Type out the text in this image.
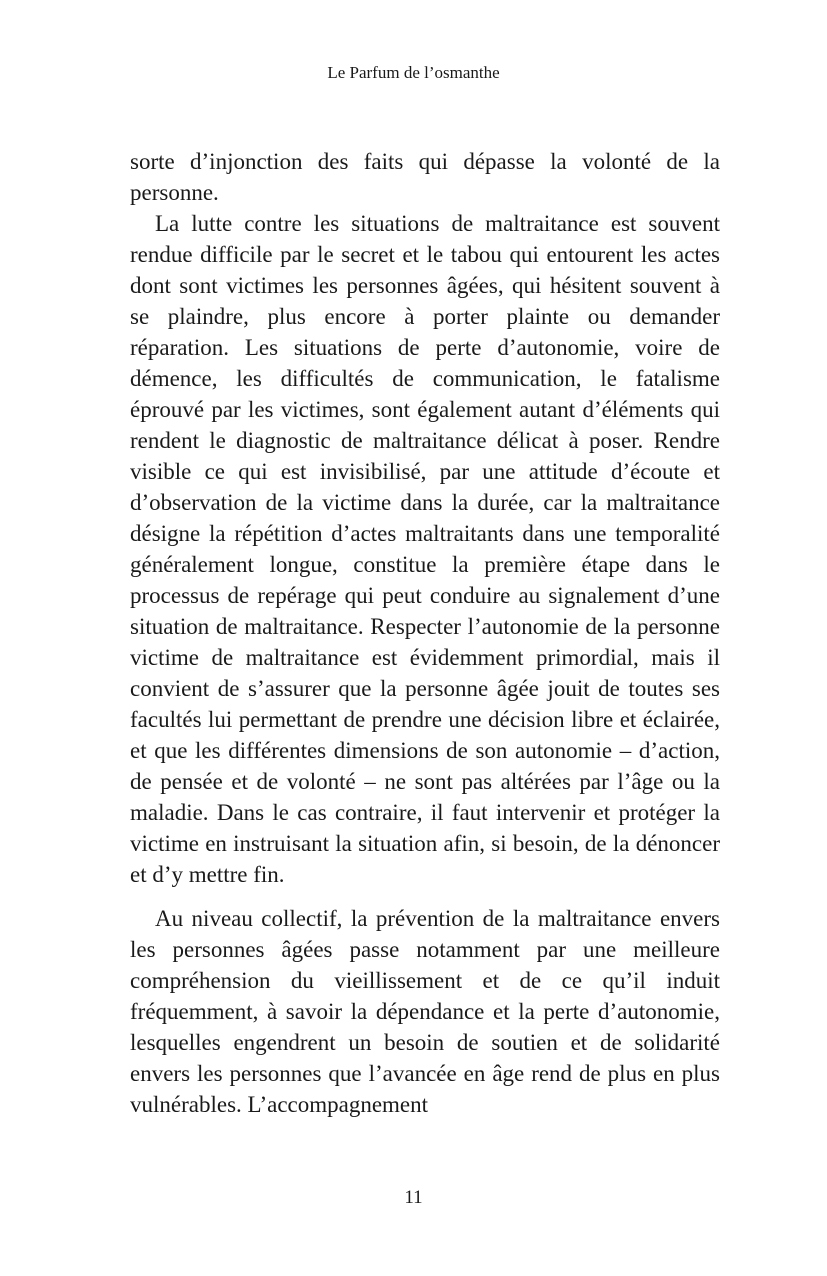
Le Parfum de l’osmanthe

sorte d’injonction des faits qui dépasse la volonté de la personne.

La lutte contre les situations de maltraitance est souvent rendue difficile par le secret et le tabou qui entourent les actes dont sont victimes les personnes âgées, qui hésitent souvent à se plaindre, plus encore à porter plainte ou demander réparation. Les situations de perte d’autonomie, voire de démence, les difficultés de communication, le fatalisme éprouvé par les victimes, sont également autant d’éléments qui rendent le diagnostic de maltraitance délicat à poser. Rendre visible ce qui est invisibilisé, par une attitude d’écoute et d’observation de la victime dans la durée, car la maltraitance désigne la répétition d’actes maltraitants dans une temporalité généralement longue, constitue la première étape dans le processus de repérage qui peut conduire au signalement d’une situation de maltraitance. Respecter l’autonomie de la personne victime de maltraitance est évidemment primordial, mais il convient de s’assurer que la personne âgée jouit de toutes ses facultés lui permettant de prendre une décision libre et éclairée, et que les différentes dimensions de son autonomie – d’action, de pensée et de volonté – ne sont pas altérées par l’âge ou la maladie. Dans le cas contraire, il faut intervenir et protéger la victime en instruisant la situation afin, si besoin, de la dénoncer et d’y mettre fin.

Au niveau collectif, la prévention de la maltraitance envers les personnes âgées passe notamment par une meilleure compréhension du vieillissement et de ce qu’il induit fréquemment, à savoir la dépendance et la perte d’autonomie, lesquelles engendrent un besoin de soutien et de solidarité envers les personnes que l’avancée en âge rend de plus en plus vulnérables. L’accompagnement

11
